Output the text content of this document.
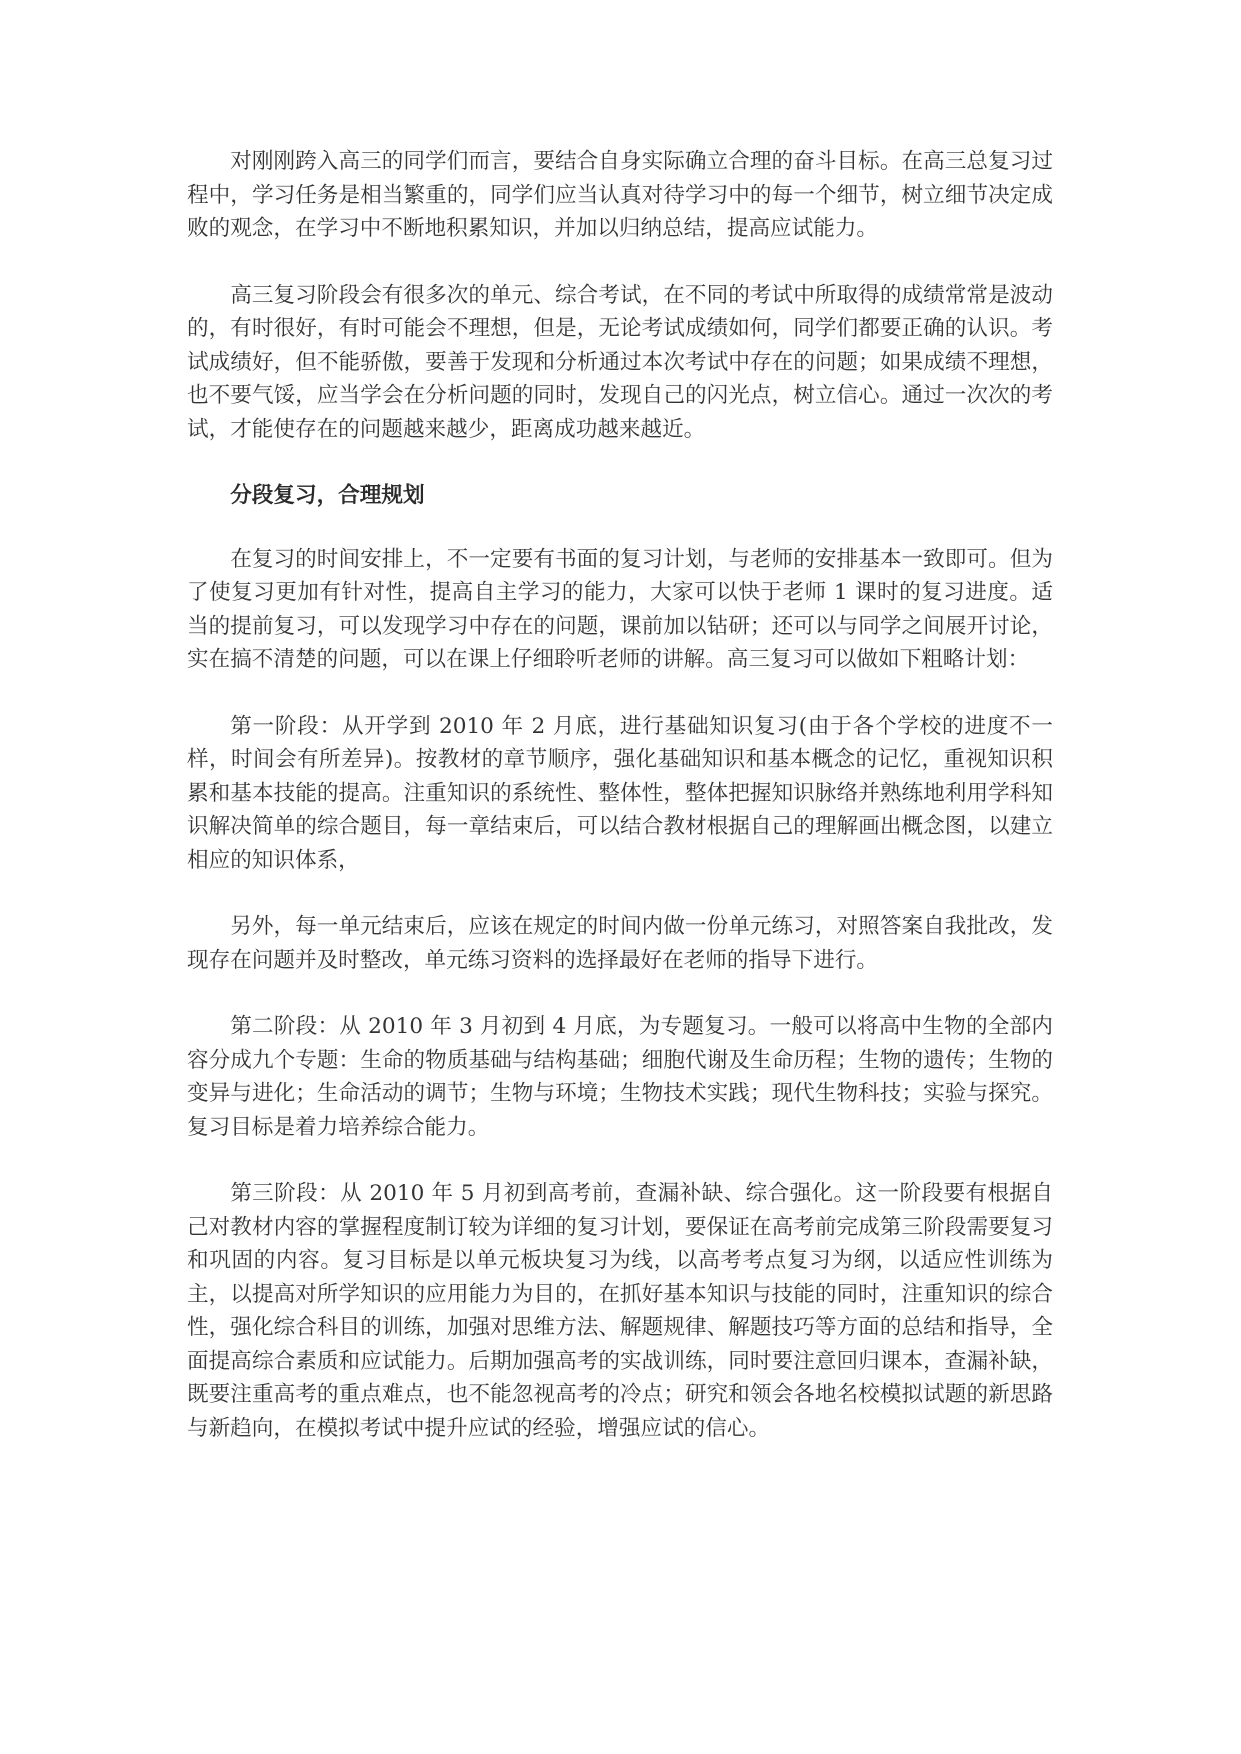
对刚刚跨入高三的同学们而言，要结合自身实际确立合理的奋斗目标。在高三总复习过程中，学习任务是相当繁重的，同学们应当认真对待学习中的每一个细节，树立细节决定成败的观念，在学习中不断地积累知识，并加以归纳总结，提高应试能力。

高三复习阶段会有很多次的单元、综合考试，在不同的考试中所取得的成绩常常是波动的，有时很好，有时可能会不理想，但是，无论考试成绩如何，同学们都要正确的认识。考试成绩好，但不能骄傲，要善于发现和分析通过本次考试中存在的问题；如果成绩不理想，也不要气馁，应当学会在分析问题的同时，发现自己的闪光点，树立信心。通过一次次的考试，才能使存在的问题越来越少，距离成功越来越近。

分段复习，合理规划

在复习的时间安排上，不一定要有书面的复习计划，与老师的安排基本一致即可。但为了使复习更加有针对性，提高自主学习的能力，大家可以快于老师 1 课时的复习进度。适当的提前复习，可以发现学习中存在的问题，课前加以钻研；还可以与同学之间展开讨论，实在搞不清楚的问题，可以在课上仔细聆听老师的讲解。高三复习可以做如下粗略计划：

第一阶段：从开学到 2010 年 2 月底，进行基础知识复习(由于各个学校的进度不一样，时间会有所差异)。按教材的章节顺序，强化基础知识和基本概念的记忆，重视知识积累和基本技能的提高。注重知识的系统性、整体性，整体把握知识脉络并熟练地利用学科知识解决简单的综合题目，每一章结束后，可以结合教材根据自己的理解画出概念图，以建立相应的知识体系，

另外，每一单元结束后，应该在规定的时间内做一份单元练习，对照答案自我批改，发现存在问题并及时整改，单元练习资料的选择最好在老师的指导下进行。

第二阶段：从 2010 年 3 月初到 4 月底，为专题复习。一般可以将高中生物的全部内容分成九个专题：生命的物质基础与结构基础；细胞代谢及生命历程；生物的遗传；生物的变异与进化；生命活动的调节；生物与环境；生物技术实践；现代生物科技；实验与探究。复习目标是着力培养综合能力。

第三阶段：从 2010 年 5 月初到高考前，查漏补缺、综合强化。这一阶段要有根据自己对教材内容的掌握程度制订较为详细的复习计划，要保证在高考前完成第三阶段需要复习和巩固的内容。复习目标是以单元板块复习为线，以高考考点复习为纲，以适应性训练为主，以提高对所学知识的应用能力为目的，在抓好基本知识与技能的同时，注重知识的综合性，强化综合科目的训练，加强对思维方法、解题规律、解题技巧等方面的总结和指导，全面提高综合素质和应试能力。后期加强高考的实战训练，同时要注意回归课本，查漏补缺，既要注重高考的重点难点，也不能忽视高考的冷点；研究和领会各地名校模拟试题的新思路与新趋向，在模拟考试中提升应试的经验，增强应试的信心。
